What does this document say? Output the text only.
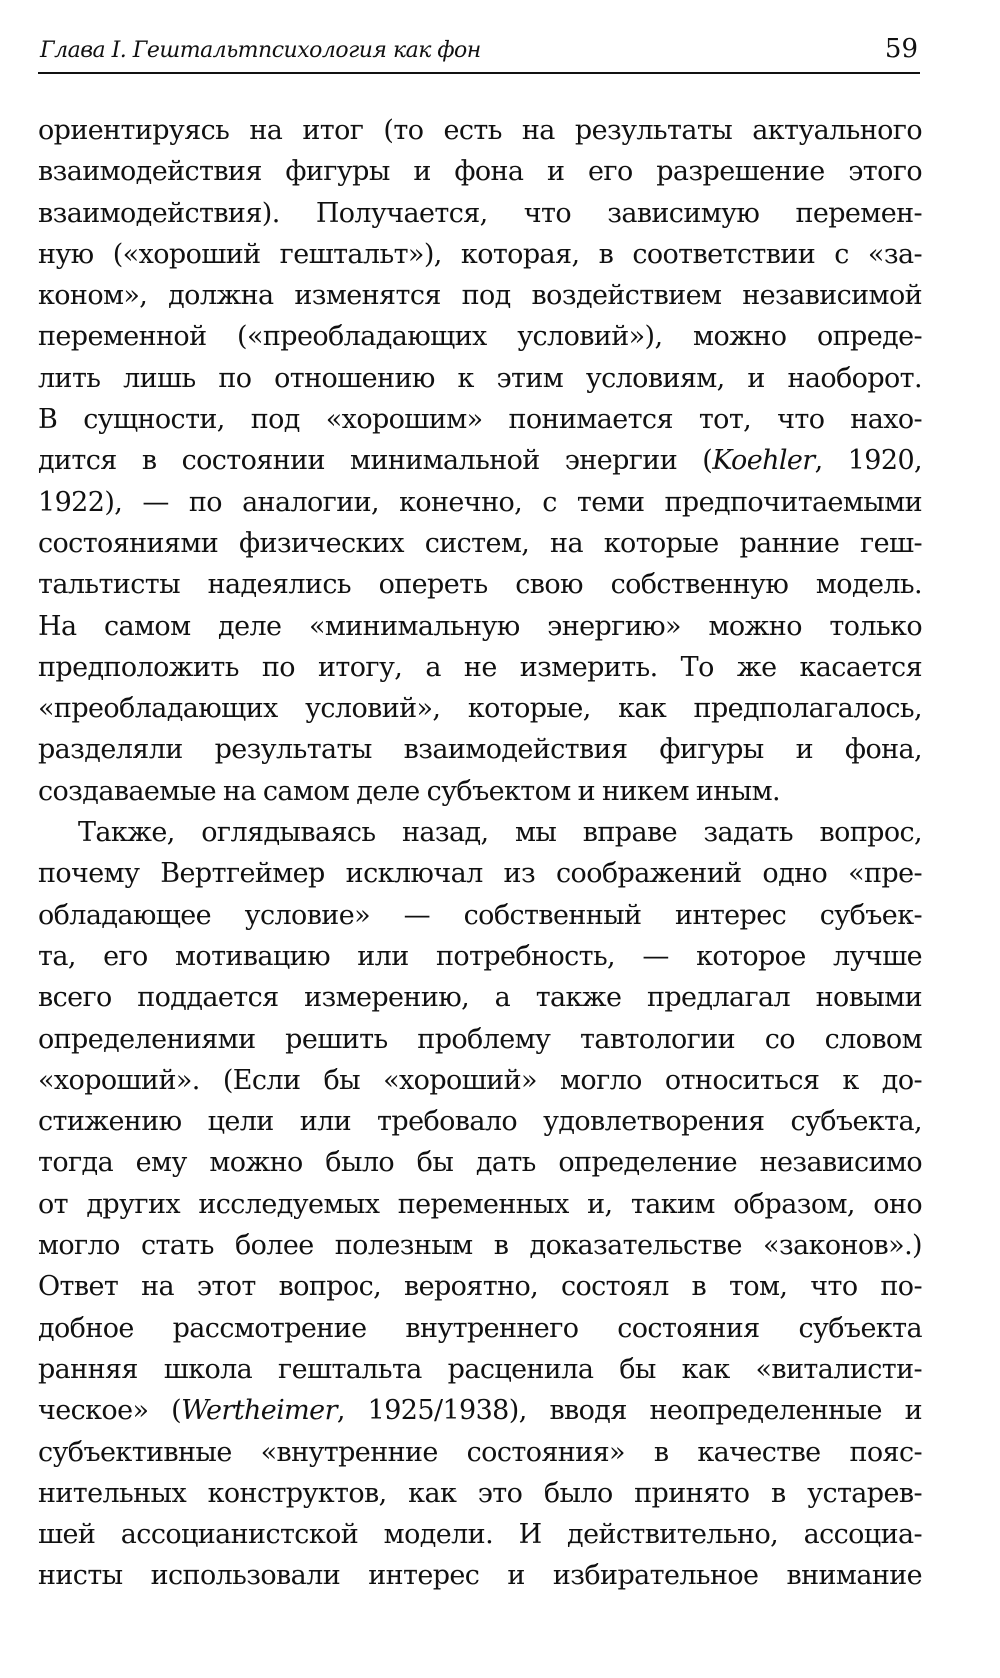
Глава I. Гештальтпсихология как фон	59
ориентируясь на итог (то есть на результаты актуального
взаимодействия фигуры и фона и его разрешение этого
взаимодействия). Получается, что зависимую перемен-
ную («хороший гештальт»), которая, в соответствии с «за-
коном», должна изменятся под воздействием независимой
переменной («преобладающих условий»), можно опреде-
лить лишь по отношению к этим условиям, и наоборот.
В сущности, под «хорошим» понимается тот, что нахо-
дится в состоянии минимальной энергии (Koehler, 1920,
1922), — по аналогии, конечно, с теми предпочитаемыми
состояниями физических систем, на которые ранние геш-
тальтисты надеялись опереть свою собственную модель.
На самом деле «минимальную энергию» можно только
предположить по итогу, а не измерить. То же касается
«преобладающих условий», которые, как предполагалось,
разделяли результаты взаимодействия фигуры и фона,
создаваемые на самом деле субъектом и никем иным.
Также, оглядываясь назад, мы вправе задать вопрос,
почему Вертгеймер исключал из соображений одно «пре-
обладающее условие» — собственный интерес субъек-
та, его мотивацию или потребность, — которое лучше
всего поддается измерению, а также предлагал новыми
определениями решить проблему тавтологии со словом
«хороший». (Если бы «хороший» могло относиться к до-
стижению цели или требовало удовлетворения субъекта,
тогда ему можно было бы дать определение независимо
от других исследуемых переменных и, таким образом, оно
могло стать более полезным в доказательстве «законов».)
Ответ на этот вопрос, вероятно, состоял в том, что по-
добное рассмотрение внутреннего состояния субъекта
ранняя школа гештальта расценила бы как «виталисти-
ческое» (Wertheimer, 1925/1938), вводя неопределенные и
субъективные «внутренние состояния» в качестве пояс-
нительных конструктов, как это было принято в устарев-
шей ассоцианистской модели. И действительно, ассоциа-
нисты использовали интерес и избирательное внимание
